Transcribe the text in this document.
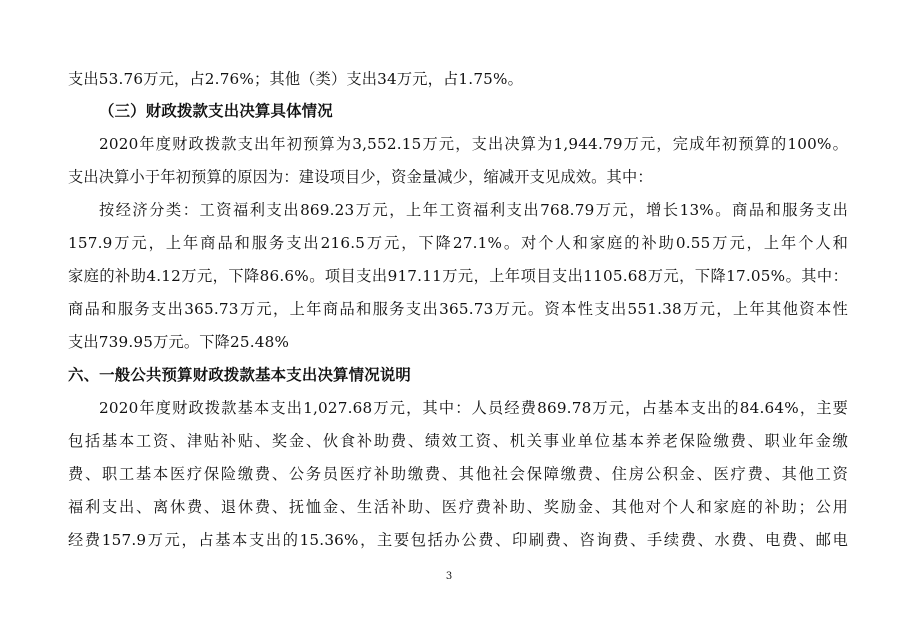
支出53.76万元，占2.76%；其他（类）支出34万元，占1.75%。
（三）财政拨款支出决算具体情况
2020年度财政拨款支出年初预算为3,552.15万元，支出决算为1,944.79万元，完成年初预算的100%。
支出决算小于年初预算的原因为：建设项目少，资金量减少，缩减开支见成效。其中：
按经济分类：工资福利支出869.23万元，上年工资福利支出768.79万元，增长13%。商品和服务支出
157.9万元，上年商品和服务支出216.5万元，下降27.1%。对个人和家庭的补助0.55万元，上年个人和
家庭的补助4.12万元，下降86.6%。项目支出917.11万元，上年项目支出1105.68万元，下降17.05%。其中：
商品和服务支出365.73万元，上年商品和服务支出365.73万元。资本性支出551.38万元，上年其他资本性
支出739.95万元。下降25.48%
六、一般公共预算财政拨款基本支出决算情况说明
2020年度财政拨款基本支出1,027.68万元，其中：人员经费869.78万元，占基本支出的84.64%，主要
包括基本工资、津贴补贴、奖金、伙食补助费、绩效工资、机关事业单位基本养老保险缴费、职业年金缴
费、职工基本医疗保险缴费、公务员医疗补助缴费、其他社会保障缴费、住房公积金、医疗费、其他工资
福利支出、离休费、退休费、抚恤金、生活补助、医疗费补助、奖励金、其他对个人和家庭的补助；公用
经费157.9万元，占基本支出的15.36%，主要包括办公费、印刷费、咨询费、手续费、水费、电费、邮电
3
